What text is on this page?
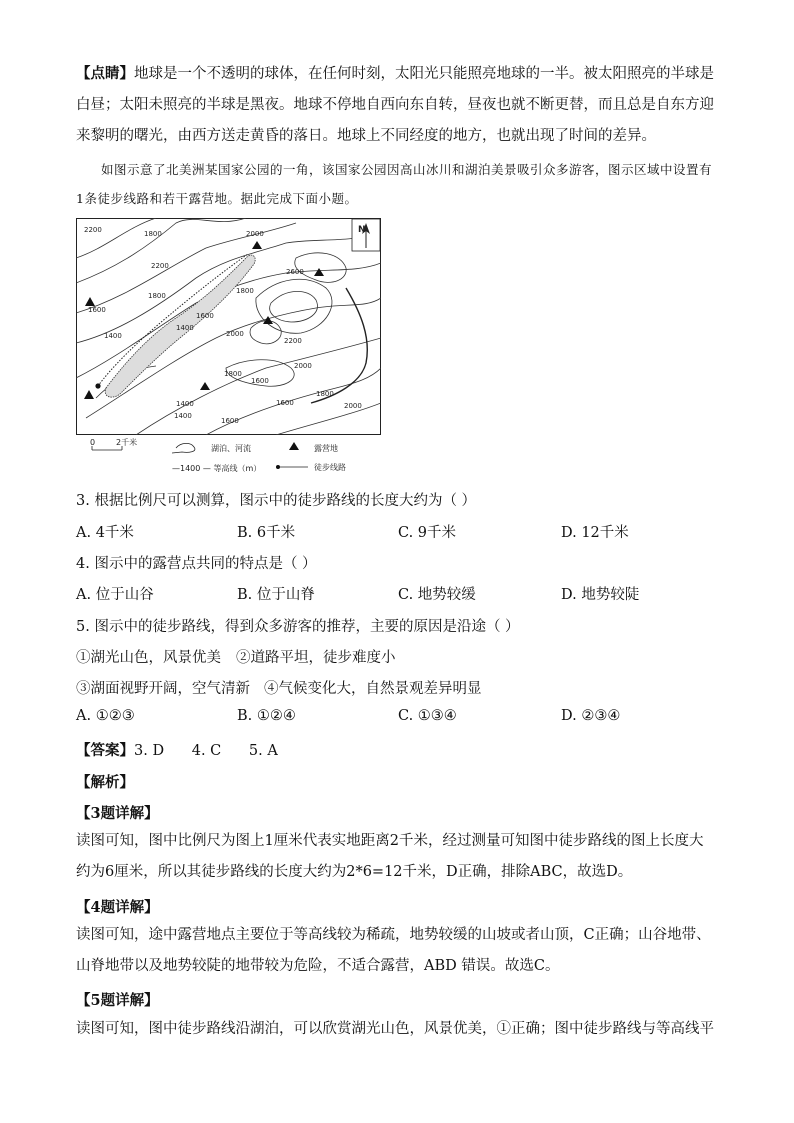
【点睛】地球是一个不透明的球体，在任何时刻，太阳光只能照亮地球的一半。被太阳照亮的半球是白昼；太阳未照亮的半球是黑夜。地球不停地自西向东自转，昼夜也就不断更替，而且总是自东方迎来黎明的曙光，由西方送走黄昏的落日。地球上不同经度的地方，也就出现了时间的差异。

如图示意了北美洲某国家公园的一角，该国家公园因高山冰川和湖泊美景吸引众多游客，图示区域中设置有1条徒步线路和若干露营地。据此完成下面小题。

N
2200	1800
2200
1600
1400
2000
1800
1400
2000
1600
2600
1800
2200
1800
2000
1600
1800
1600
1400
1400
1600
2000
0	2千米
湖泊、河流	露营地
—1400 — 等高线（m）	徒步线路
3. 根据比例尺可以测算，图示中的徒步路线的长度大约为（ ）
A. 4千米	B. 6千米	C. 9千米	D. 12千米
4. 图示中的露营点共同的特点是（ ）
A. 位于山谷	B. 位于山脊	C. 地势较缓	D. 地势较陡
5. 图示中的徒步路线，得到众多游客的推荐，主要的原因是沿途（ ）
①湖光山色，风景优美 ②道路平坦，徒步难度小
③湖面视野开阔，空气清新 ④气候变化大，自然景观差异明显
A. ①②③	B. ①②④	C. ①③④	D. ②③④
【答案】3. D      4. C      5. A
【解析】
【3题详解】

读图可知，图中比例尺为图上1厘米代表实地距离2千米，经过测量可知图中徒步路线的图上长度大约为6厘米，所以其徒步路线的长度大约为2*6=12千米，D正确，排除ABC，故选D。

【4题详解】

读图可知，途中露营地点主要位于等高线较为稀疏，地势较缓的山坡或者山顶，C正确；山谷地带、山脊地带以及地势较陡的地带较为危险，不适合露营，ABD 错误。故选C。

【5题详解】

读图可知，图中徒步路线沿湖泊，可以欣赏湖光山色，风景优美，①正确；图中徒步路线与等高线平
